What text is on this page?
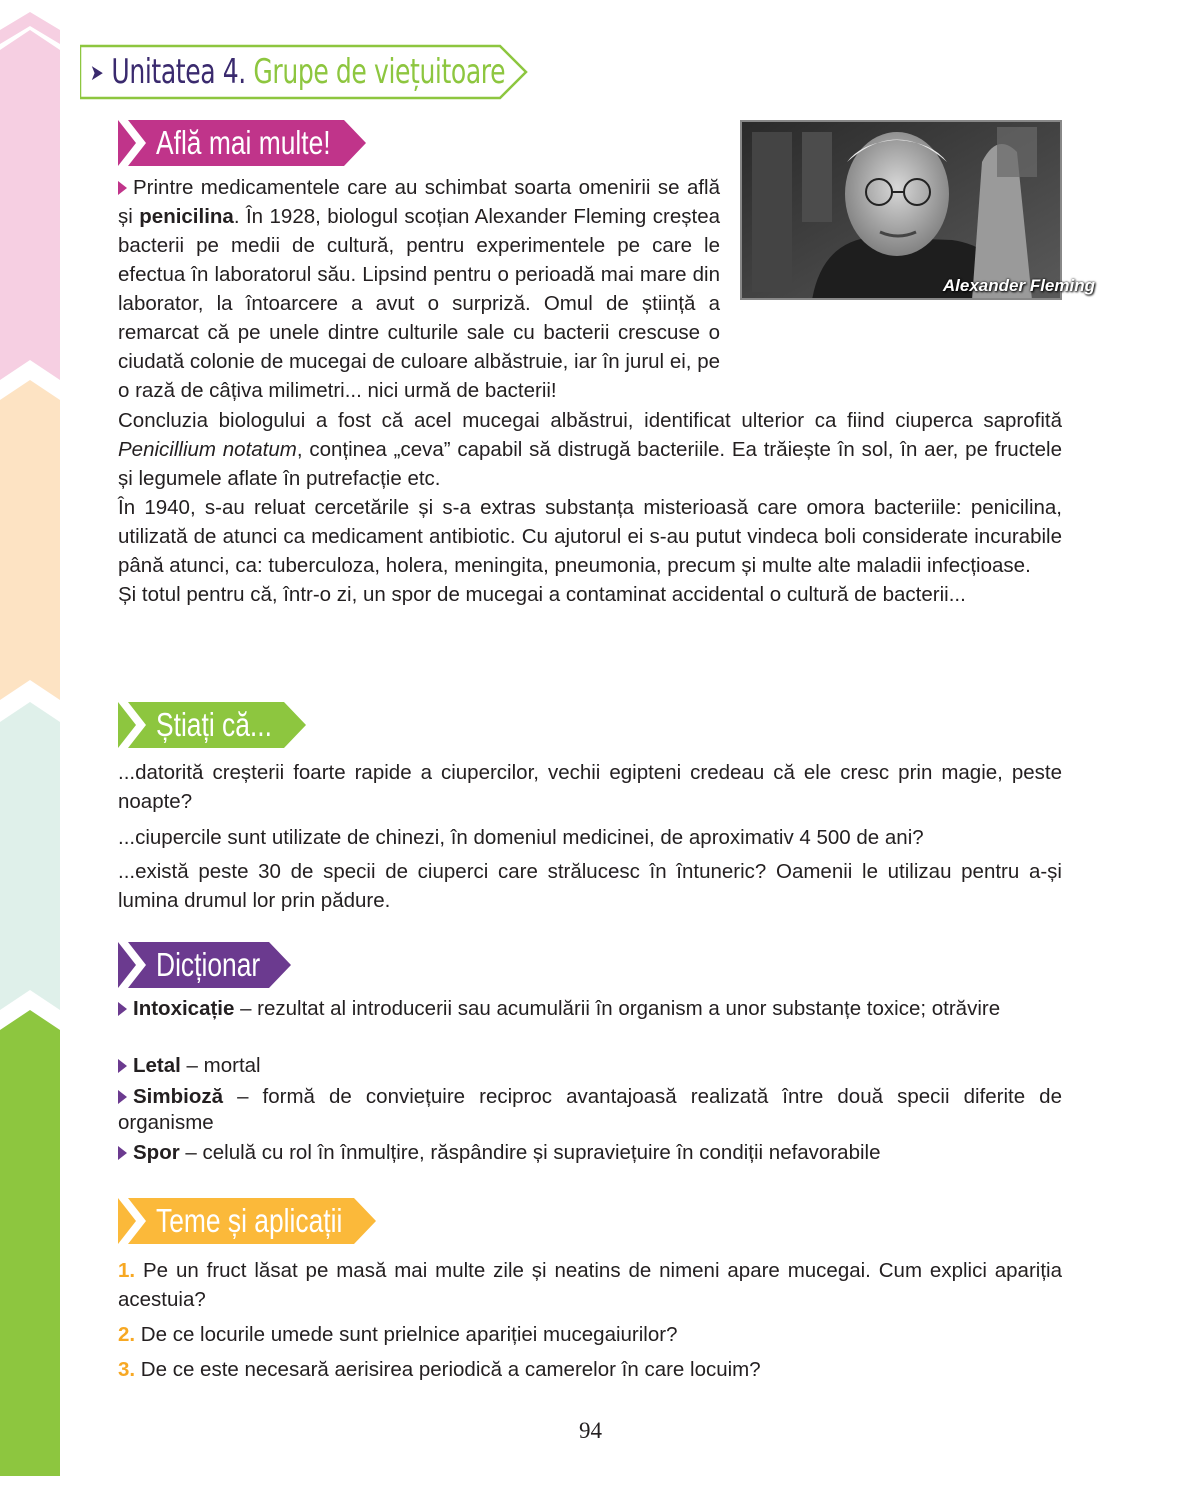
➤ Unitatea 4. Grupe de viețuitoare
Află mai multe!
Alexander Fleming
Printre medicamentele care au schimbat soarta omenirii se află și penicilina. În 1928, biologul scoțian Alexander Fleming creștea bacterii pe medii de cultură, pentru experimentele pe care le efectua în laboratorul său. Lipsind pentru o perioadă mai mare din laborator, la întoarcere a avut o surpriză. Omul de știință a remarcat că pe unele dintre culturile sale cu bacterii crescuse o ciudată colonie de mucegai de culoare albăstruie, iar în jurul ei, pe o rază de câțiva milimetri... nici urmă de bacterii!
Concluzia biologului a fost că acel mucegai albăstrui, identificat ulterior ca fiind ciuperca saprofită Penicillium notatum, conținea „ceva” capabil să distrugă bacteriile. Ea trăiește în sol, în aer, pe fructele și legumele aflate în putrefacție etc.
În 1940, s-au reluat cercetările și s-a extras substanța misterioasă care omora bacteriile: penicilina, utilizată de atunci ca medicament antibiotic. Cu ajutorul ei s-au putut vindeca boli considerate incurabile până atunci, ca: tuberculoza, holera, meningita, pneumonia, precum și multe alte maladii infecțioase.
Și totul pentru că, într-o zi, un spor de mucegai a contaminat accidental o cultură de bacterii...
Știați că...
...datorită creșterii foarte rapide a ciupercilor, vechii egipteni credeau că ele cresc prin magie, peste noapte?
...ciupercile sunt utilizate de chinezi, în domeniul medicinei, de aproximativ 4 500 de ani?
...există peste 30 de specii de ciuperci care strălucesc în întuneric? Oamenii le utilizau pentru a-și lumina drumul lor prin pădure.
Dicționar
Intoxicație – rezultat al introducerii sau acumulării în organism a unor substanțe toxice; otrăvire
Letal – mortal
Simbioză – formă de conviețuire reciproc avantajoasă realizată între două specii diferite de organisme
Spor – celulă cu rol în înmulțire, răspândire și supraviețuire în condiții nefavorabile
Teme și aplicații
1. Pe un fruct lăsat pe masă mai multe zile și neatins de nimeni apare mucegai. Cum explici apariția acestuia?
2. De ce locurile umede sunt prielnice apariției mucegaiurilor?
3. De ce este necesară aerisirea periodică a camerelor în care locuim?
94
